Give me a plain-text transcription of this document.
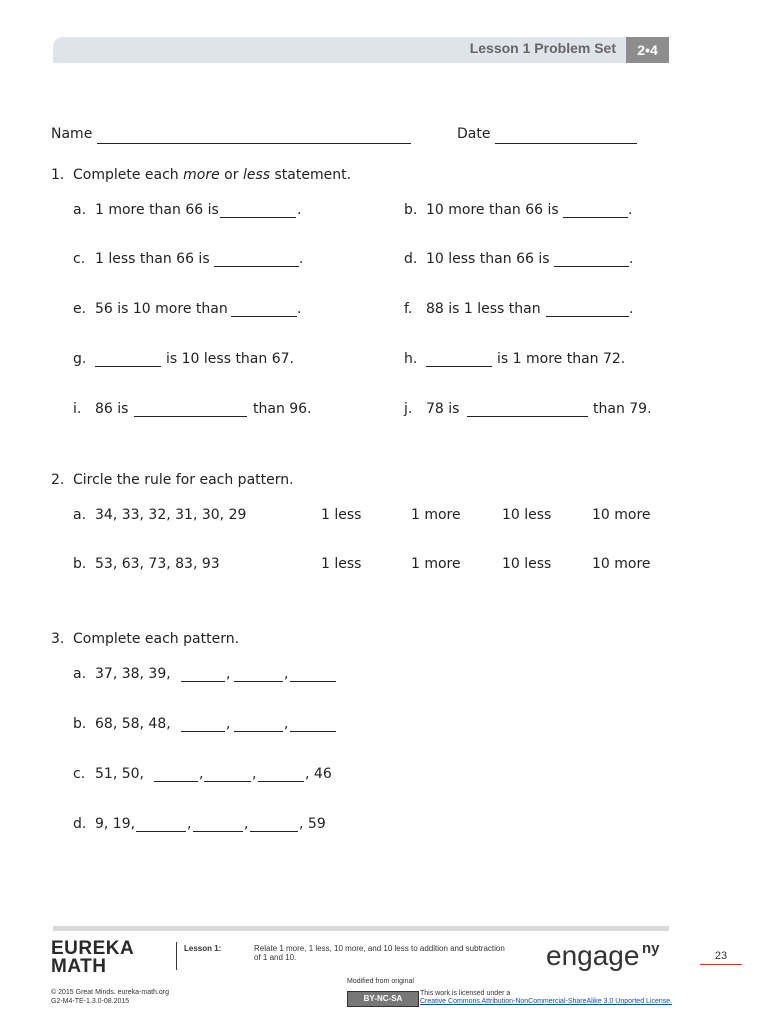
Lesson 1 Problem Set	2•4
Name	Date
1. Complete each more or less statement.
a. 1 more than 66 is	.	b. 10 more than 66 is	.
c. 1 less than 66 is	.	d. 10 less than 66 is	.
e. 56 is 10 more than	.	f. 88 is 1 less than	.
g.	is 10 less than 67.	h.	is 1 more than 72.
i. 86 is	than 96.	j. 78 is	than 79.
2. Circle the rule for each pattern.
a. 34, 33, 32, 31, 30, 29	1 less	1 more	10 less	10 more
b. 53, 63, 73, 83, 93	1 less	1 more	10 less	10 more
3. Complete each pattern.
a. 37, 38, 39,	,	,
b. 68, 58, 48,	,	,
c. 51, 50,	,	,	, 46
d. 9, 19,	,	,	, 59
EUREKA
MATH
Lesson 1:	Relate 1 more, 1 less, 10 more, and 10 less to addition and subtraction
of 1 and 10.	engage ny	23
© 2015 Great Minds. eureka-math.org
G2-M4-TE-1.3.0-08.2015
Modified from original
BY-NC-SA
This work is licensed under a
Creative Commons Attribution-NonCommercial-ShareAlike 3.0 Unported License.
